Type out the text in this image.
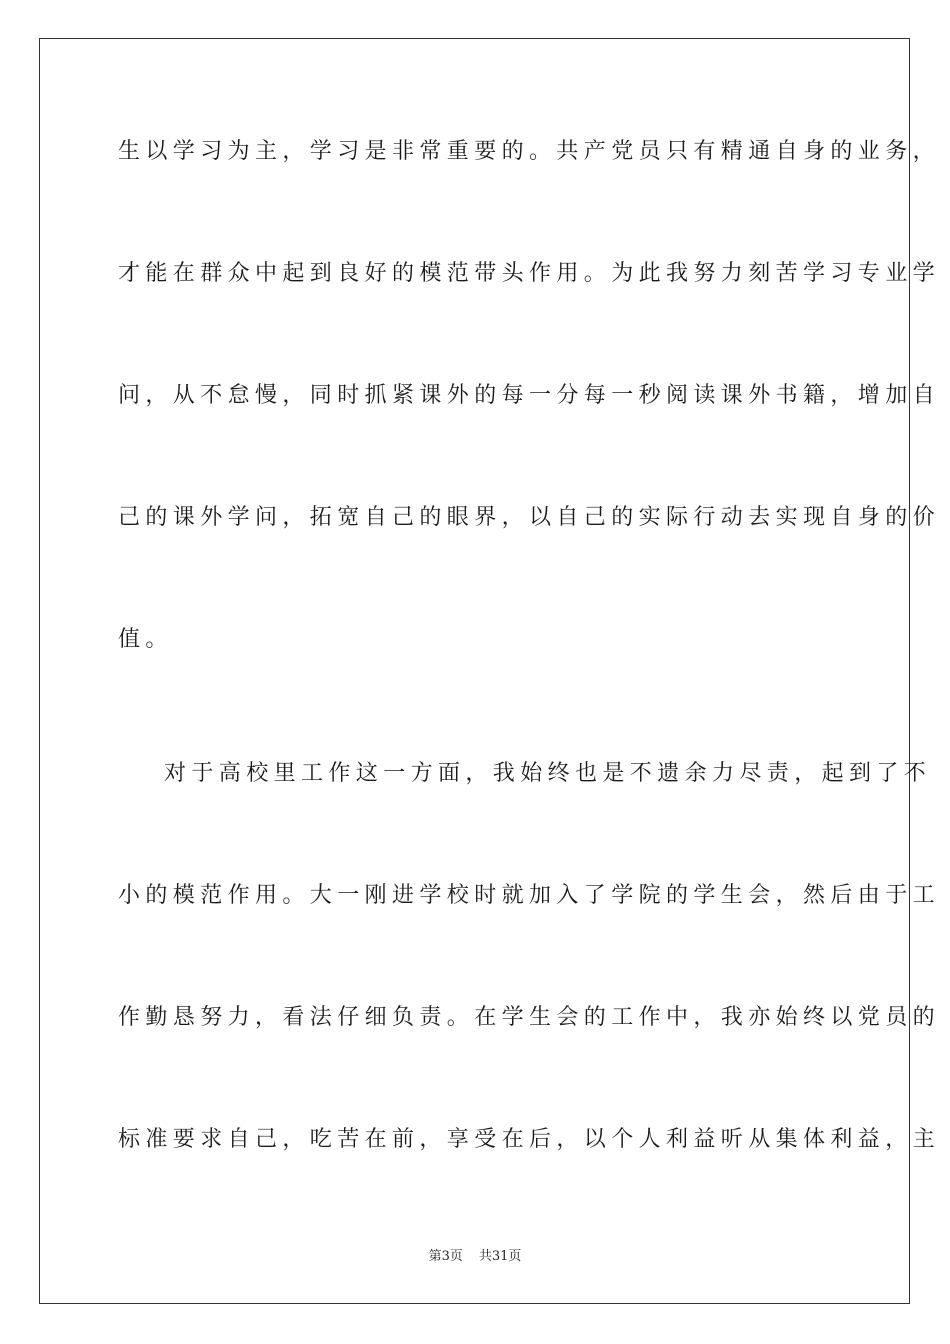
生以学习为主，学习是非常重要的。共产党员只有精通自身的业务，
才能在群众中起到良好的模范带头作用。为此我努力刻苦学习专业学
问，从不怠慢，同时抓紧课外的每一分每一秒阅读课外书籍，增加自
己的课外学问，拓宽自己的眼界，以自己的实际行动去实现自身的价
值。
对于高校里工作这一方面，我始终也是不遗余力尽责，起到了不
小的模范作用。大一刚进学校时就加入了学院的学生会，然后由于工
作勤恳努力，看法仔细负责。在学生会的工作中，我亦始终以党员的
标准要求自己，吃苦在前，享受在后，以个人利益听从集体利益，主
第3页 共31页
